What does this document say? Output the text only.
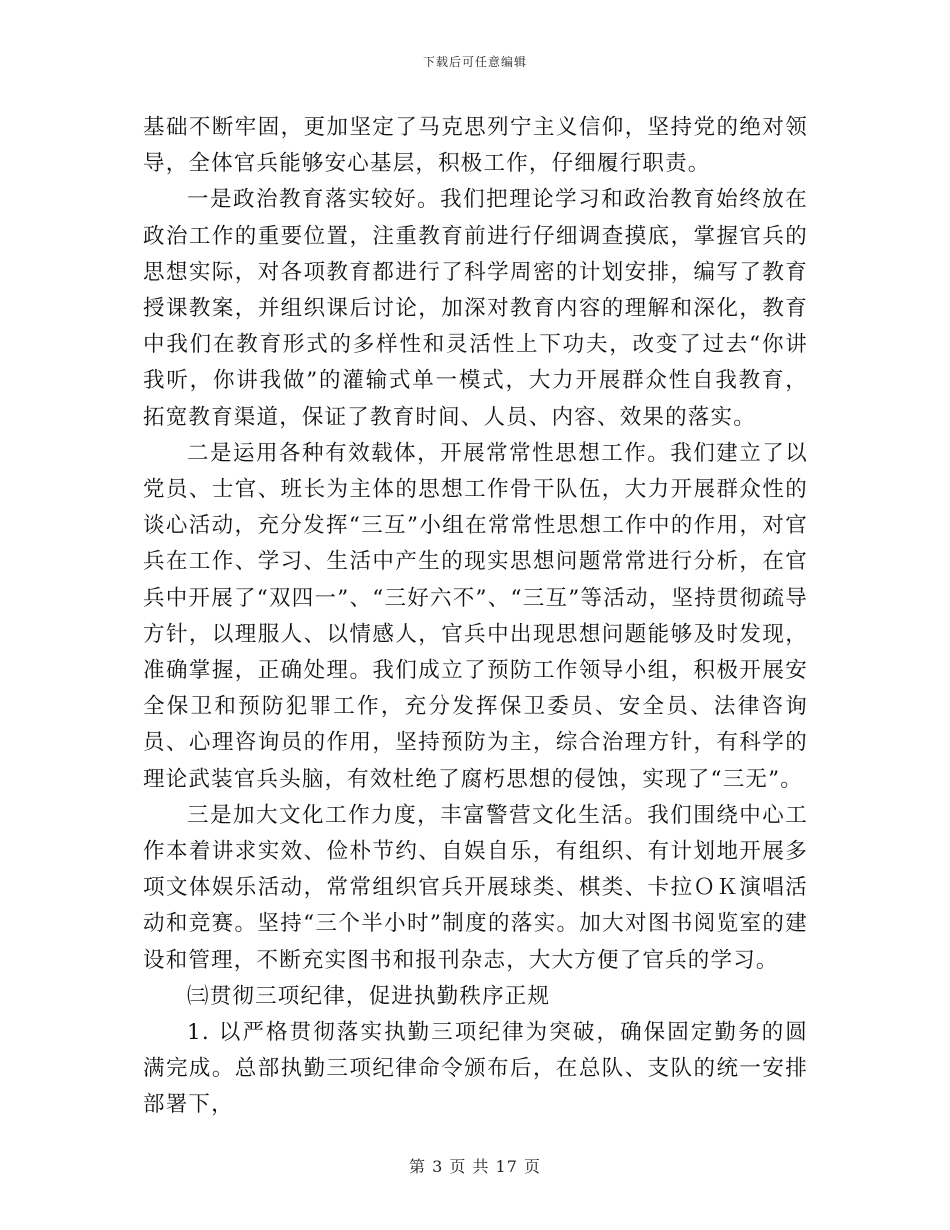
下载后可任意编辑

基础不断牢固，更加坚定了马克思列宁主义信仰，坚持党的绝对领导，全体官兵能够安心基层，积极工作，仔细履行职责。

一是政治教育落实较好。我们把理论学习和政治教育始终放在政治工作的重要位置，注重教育前进行仔细调查摸底，掌握官兵的思想实际，对各项教育都进行了科学周密的计划安排，编写了教育授课教案，并组织课后讨论，加深对教育内容的理解和深化，教育中我们在教育形式的多样性和灵活性上下功夫，改变了过去“你讲我听，你讲我做”的灌输式单一模式，大力开展群众性自我教育，拓宽教育渠道，保证了教育时间、人员、内容、效果的落实。

二是运用各种有效载体，开展常常性思想工作。我们建立了以党员、士官、班长为主体的思想工作骨干队伍，大力开展群众性的谈心活动，充分发挥“三互”小组在常常性思想工作中的作用，对官兵在工作、学习、生活中产生的现实思想问题常常进行分析，在官兵中开展了“双四一”、“三好六不”、“三互”等活动，坚持贯彻疏导方针，以理服人、以情感人，官兵中出现思想问题能够及时发现，准确掌握，正确处理。我们成立了预防工作领导小组，积极开展安全保卫和预防犯罪工作，充分发挥保卫委员、安全员、法律咨询员、心理咨询员的作用，坚持预防为主，综合治理方针，有科学的理论武装官兵头脑，有效杜绝了腐朽思想的侵蚀，实现了“三无”。

三是加大文化工作力度，丰富警营文化生活。我们围绕中心工作本着讲求实效、俭朴节约、自娱自乐，有组织、有计划地开展多项文体娱乐活动，常常组织官兵开展球类、棋类、卡拉ＯＫ演唱活动和竞赛。坚持“三个半小时”制度的落实。加大对图书阅览室的建设和管理，不断充实图书和报刊杂志，大大方便了官兵的学习。

㈢贯彻三项纪律，促进执勤秩序正规

1. 以严格贯彻落实执勤三项纪律为突破，确保固定勤务的圆满完成。总部执勤三项纪律命令颁布后，在总队、支队的统一安排部署下，

第 3 页 共 17 页
